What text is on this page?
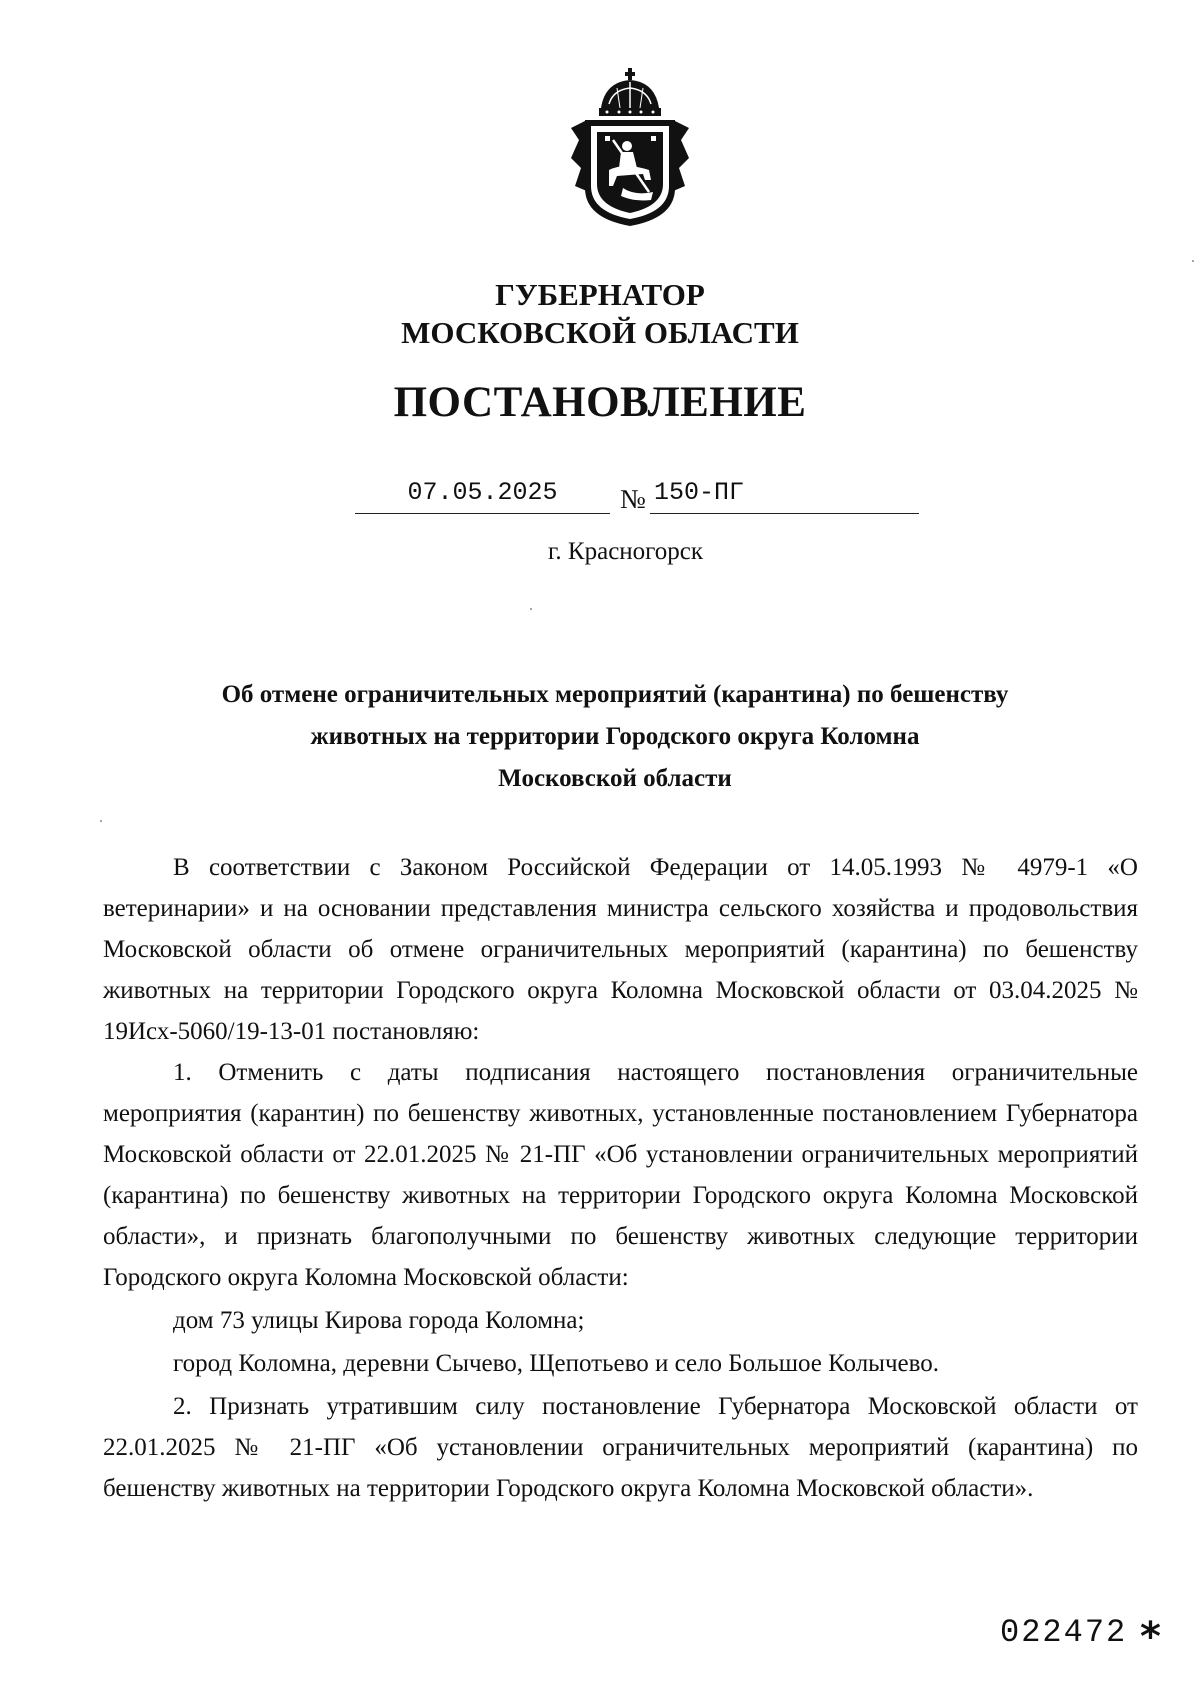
ГУБЕРНАТОР
МОСКОВСКОЙ ОБЛАСТИ
ПОСТАНОВЛЕНИЕ
07.05.2025	№ 150-ПГ
г. Красногорск
Об отмене ограничительных мероприятий (карантина) по бешенству
животных на территории Городского округа Коломна
Московской области

В соответствии с Законом Российской Федерации от 14.05.1993 № 4979-1 «О ветеринарии» и на основании представления министра сельского хозяйства и продовольствия Московской области об отмене ограничительных мероприятий (карантина) по бешенству животных на территории Городского округа Коломна Московской области от 03.04.2025 № 19Исх-5060/19-13-01 постановляю:

1. Отменить с даты подписания настоящего постановления ограничительные мероприятия (карантин) по бешенству животных, установленные постановлением Губернатора Московской области от 22.01.2025 № 21-ПГ «Об установлении ограничительных мероприятий (карантина) по бешенству животных на территории Городского округа Коломна Московской области», и признать благополучными по бешенству животных следующие территории Городского округа Коломна Московской области:

дом 73 улицы Кирова города Коломна;

город Коломна, деревни Сычево, Щепотьево и село Большое Колычево.

2. Признать утратившим силу постановление Губернатора Московской области от 22.01.2025 № 21-ПГ «Об установлении ограничительных мероприятий (карантина) по бешенству животных на территории Городского округа Коломна Московской области».

022472 *
